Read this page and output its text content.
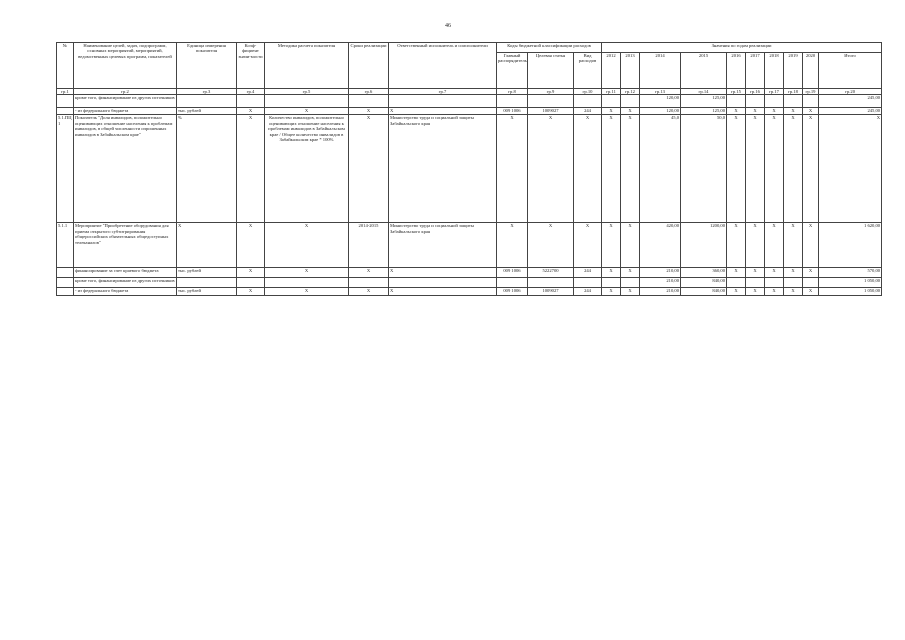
46
№	Наименование целей, задач, подпрограмм, основных мероприятий, мероприятий, ведомственных целевых программ, показателей	Единица измерения показателя	Коэф-фициент значи-мости	Методика расчета показателя	Сроки реализации	Ответственный исполнитель и соисполнители	Коды бюджетной классификации расходов			Значения по годам реализации									
							Главный распорядитель	Целевая статья	Вид расходов	2012	2013	2014	2015	2016	2017	2018	2019	2020	Итого
гр.1	гр.2	гр.3	гр.4	гр.5	гр.6	гр.7	гр.8	гр.9	гр.10	гр.11	гр.12	гр.13	гр.14	гр.15	гр.16	гр.17	гр.18	гр.19	гр.20
	кроме того, финансирование из других источников											120,00	125,00						245,00
	- из федерального бюджета	тыс. рублей	X	X	X	X	009 1006	1009027	244	X	X	120,00	125,00	X	X	X	X	X	245,00
5.1.ПЦ 1	Показатель "Доля инвалидов, положительно оценивающих отношение населения к проблемам инвалидов, в общей численности опрошенных инвалидов в Забайкальском крае"	%	X	Количество инвалидов, положительно оценивающих отношение населения к проблемам инвалидов в Забайкальском крае / Общее количество инвалидов в Забайкальском крае * 100%	X	Министерство труда и социальной защиты Забайкальского края	X	X	X	X	X	45,0	50,0	X	X	X	X	X	X
5.1.1	Мероприятие "Приобретение оборудования для приема открытого субтитрирования общероссийских обязательных общедоступных телеканалов"	X	X	X	2014-2015	Министерство труда и социальной защиты Забайкальского края	X	X	X	X	X	420,00	1200,00	X	X	X	X	X	1 620,00
	финансирование за счет краевого бюджета	тыс. рублей	X	X	X	X	009 1006	5222700	244	X	X	210,00	360,00	X	X	X	X	X	570,00
	кроме того, финансирование из других источников											210,00	840,00						1 050,00
	- из федерального бюджета	тыс. рублей	X	X	X	X	009 1006	1009027	244	X	X	210,00	840,00	X	X	X	X	X	1 050,00
